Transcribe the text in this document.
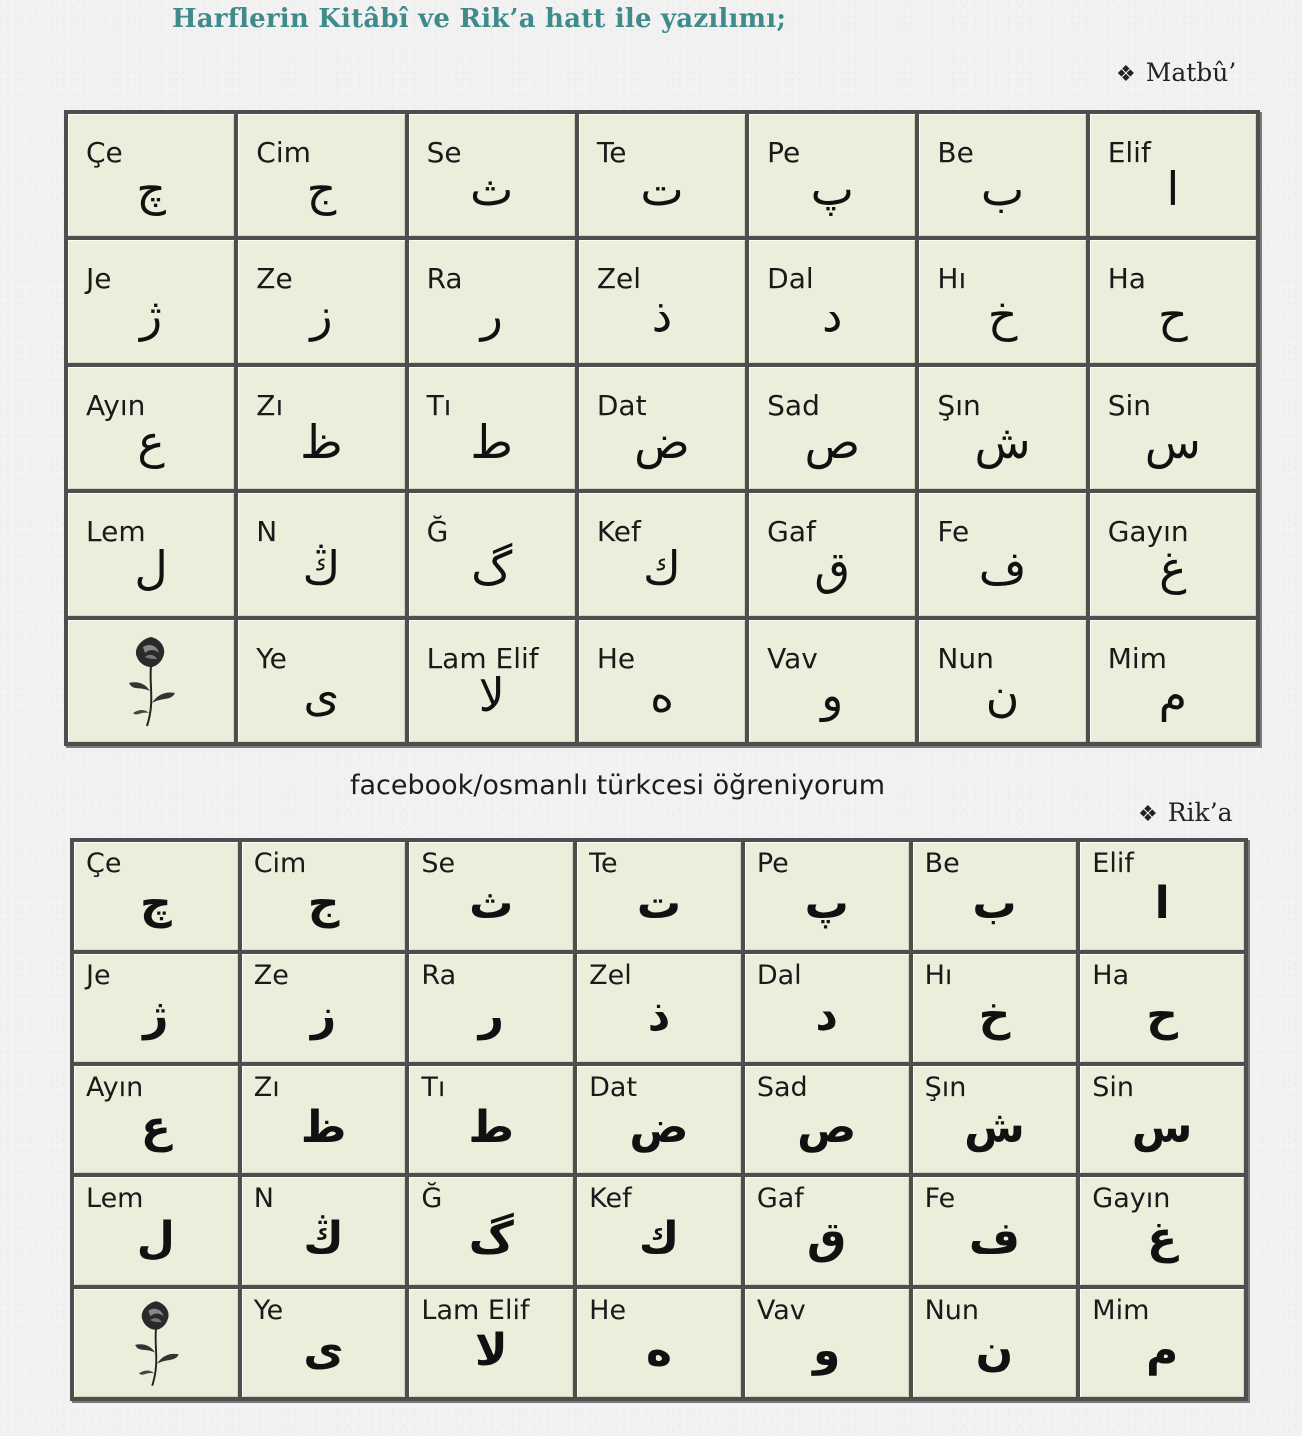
Harflerin Kitâbî ve Rik’a hatt ile yazılımı;
❖ Matbû’
Çe
چ
Cim
ج
Se
ث
Te
ت
Pe
پ
Be
ب
Elif
ا
Je
ژ
Ze
ز
Ra
ر
Zel
ذ
Dal
د
Hı
خ
Ha
ح
Ayın
ع
Zı
ظ
Tı
ط
Dat
ض
Sad
ص
Şın
ش
Sin
س
Lem
ل
N
ڭ
Ğ
گ
Kef
ك
Gaf
ق
Fe
ف
Gayın
غ
Ye
ى
Lam Elif
لا
He
ه
Vav
و
Nun
ن
Mim
م
facebook/osmanlı türkcesi öğreniyorum
❖ Rik’a
Çe
چ
Cim
ج
Se
ث
Te
ت
Pe
پ
Be
ب
Elif
ا
Je
ژ
Ze
ز
Ra
ر
Zel
ذ
Dal
د
Hı
خ
Ha
ح
Ayın
ع
Zı
ظ
Tı
ط
Dat
ض
Sad
ص
Şın
ش
Sin
س
Lem
ل
N
ڭ
Ğ
گ
Kef
ك
Gaf
ق
Fe
ف
Gayın
غ
Ye
ى
Lam Elif
لا
He
ه
Vav
و
Nun
ن
Mim
م
